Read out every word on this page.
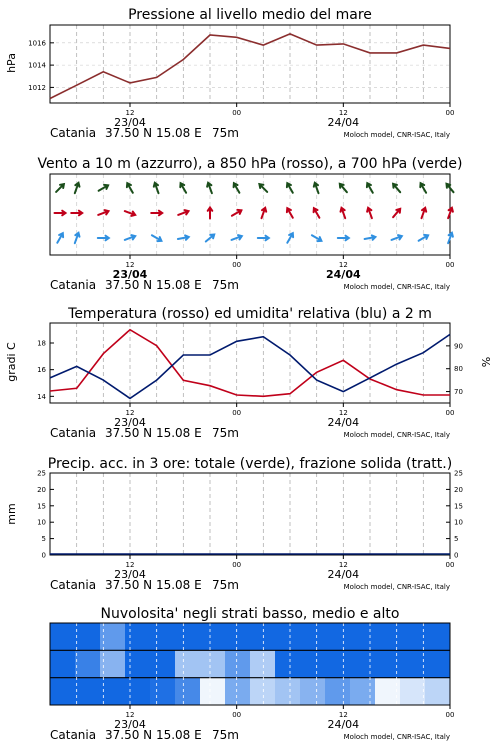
Pressione al livello medio del mare
hPa
12	00	12	00
23/04	24/04
Catania 37.50 N 15.08 E 75m	Moloch model, CNR-ISAC, Italy
1012
1014
1016
Vento a 10 m (azzurro), a 850 hPa (rosso), a 700 hPa (verde)
12	00	12	00
23/04	24/04
Catania 37.50 N 15.08 E 75m	Moloch model, CNR-ISAC, Italy
Temperatura (rosso) ed umidita' relativa (blu) a 2 m
gradi C	%
12	00	12	00
23/04	24/04
Catania 37.50 N 15.08 E 75m	Moloch model, CNR-ISAC, Italy
14
16
18
70
80
90
Precip. acc. in 3 ore: totale (verde), frazione solida (tratt.)
mm
12	00	12	00
23/04	24/04
Catania 37.50 N 15.08 E 75m	Moloch model, CNR-ISAC, Italy
0
5
10
15
20
25
0
5
10
15
20
25
Nuvolosita' negli strati basso, medio e alto
12	00	12	00
23/04	24/04
Catania 37.50 N 15.08 E 75m	Moloch model, CNR-ISAC, Italy
